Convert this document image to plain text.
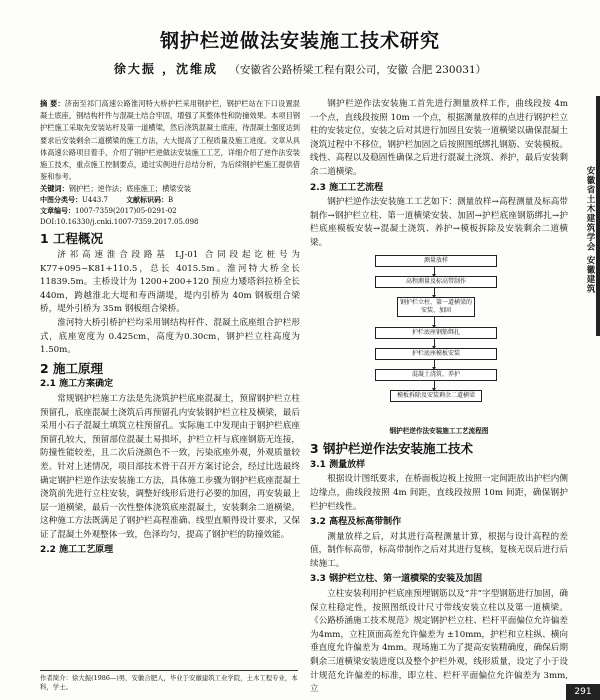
钢护栏逆做法安装施工技术研究
徐大振 ，沈维成 （安徽省公路桥梁工程有限公司，安徽 合肥 230031）

摘 要：济南至祁门高速公路淮河特大桥护栏采用钢护栏，钢护栏站在下口设置混凝土底座，钢结构杆件与混凝土结合牢固，增强了其整体性和防撞效果。本项目钢护栏施工采取先安装站杆及第一道横梁，然后浇筑混凝土底座，待混凝土强度达到要求后安装剩余二道横梁的施工方法，大大提高了工程质量及施工进度。文章从具体高速公路项目着手，介绍了钢护栏逆做法安装施工工艺，详细介绍了逆作法安装施工技术，重点施工控制要点，通过实例进行总结分析，为后续钢护栏施工提供借鉴和参考。

关键词：钢护栏；逆作法；底座施工；横梁安装

中图分类号：U443.7	文献标识码：B
文章编号：1007-7359(2017)05-0291-02
DOI:10.16330/j.cnki.1007-7359.2017.05.098
1 工程概况

济祁高速淮合段路基 LJ-01 合同段起讫桩号为 K77+095~K81+110.5，总长 4015.5m。淮河特大桥全长11839.5m。主桥设计为 1200+200+120 预应力矮塔斜拉桥全长 440m，跨越淮北大堤和寿西湖堤，堤内引桥为 40m 钢板组合梁桥，堤外引桥为 35m 钢板组合梁桥。

淮河特大桥引桥护栏均采用钢结构杆件、混凝土底座组合护栏形式，底座宽度为 0.425cm，高度为0.30cm，钢护栏立柱高度为 1.50m。

2 施工原理
2.1 施工方案确定

常规钢护栏施工方法是先浇筑护栏底座混凝土，预留钢护栏立柱预留孔，底座混凝土浇筑后再预留孔内安装钢护栏立柱及横梁，最后采用小石子混凝土填筑立柱预留孔。实际施工中发现由于钢护栏底座预留孔较大，预留部位混凝土易损坏，护栏立杆与底座钢筋无连接，防撞性能较差，且二次后浇颜色不一致，污染底座外观，外观质量较差。针对上述情况，项目部技术骨干召开方案讨论会，经过比选最终确定钢护栏逆作法安装施工方法，具体施工步骤为钢护栏底座混凝土浇筑前先进行立柱安装，调整好线形后进行必要的加固，再安装最上层一道横梁，最后一次性整体浇筑底座混凝土，安装剩余二道横梁。这种施工方法既满足了钢护栏高程准确、线型直顺得设计要求，又保证了混凝土外观整体一致，色泽均匀，提高了钢护栏的防撞效能。

2.2 施工工艺原理
作者简介：徐大振(1986—)男，安徽合肥人，毕业于安徽建筑工业学院，土木工程专业，本科，学士。

钢护栏逆作法安装施工首先进行测量放样工作，曲线段按 4m 一个点，直线段按照 10m 一个点，根据测量放样的点进行钢护栏立柱的安装定位，安装之后对其进行加固且安装一道横梁以确保混凝土浇筑过程中不移位，钢护栏加固之后按照图纸绑扎钢筋、安装模板。线性、高程以及稳固性确保之后进行混凝土浇筑、养护，最后安装剩余二道横梁。

2.3 施工工艺流程

钢护栏逆作法安装施工工艺如下：测量放样→高程测量及标高带制作→钢护栏立柱、第一道横梁安装、加固→护栏底座钢筋绑扎→护栏底座模板安装→混凝土浇筑、养护→模板拆除及安装剩余二道横梁。

测量放样
高程测量及标高带制作
钢护栏立柱、第一道横梁的安装、加固
护栏底座钢筋绑扎
护栏底座模板安装
混凝土浇筑、养护
模板拆除及安装剩余二道横梁
钢护栏逆作法安装施工工艺流程图
3 钢护栏逆作法安装施工技术
3.1 测量放样

根据设计图纸要求，在桥面板边板上按照一定间距放出护栏内侧边缘点，曲线段按照 4m 间距，直线段按照 10m 间距，确保钢护栏护栏线性。

3.2 高程及标高带制作

测量放样之后，对其进行高程测量计算，根据与设计高程的差值，制作标高带，标高带制作之后对其进行复核，复核无误后进行后续施工。

3.3 钢护栏立柱、第一道横梁的安装及加固

立柱安装利用护栏底座预埋钢筋以及“井”字型钢筋进行加固，确保立柱稳定性，按照图纸设计尺寸带线安装立柱以及第一道横梁。《公路桥涵施工技术规范》规定钢护栏立柱、栏杆平面偏位允许偏差为4mm，立柱顶面高差允许偏差为 ±10mm，护栏和立柱纵、横向垂直度允许偏差为 4mm。现场施工为了提高安装精确度，确保后期剩余三道横梁安装进度以及整个护栏外观，线形质量，设定了小于设计规范允许偏差的标准，即立柱、栏杆平面偏位允许偏差为 3mm,立

安徽省土木建筑学会 安徽建筑
291
